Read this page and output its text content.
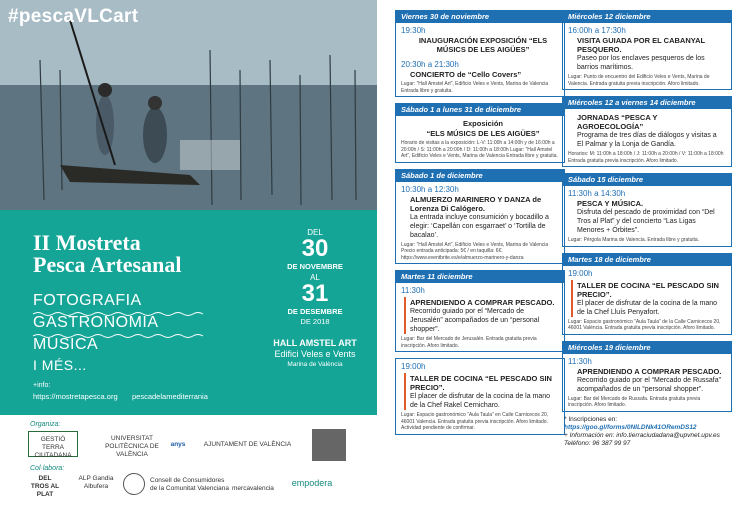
#pescaVLCart
II Mostreta
Pesca Artesanal
FOTOGRAFIA
GASTRONOMIA
MÚSICA
I MÉS...
+info:
https://mostretapesca.org pescadelamediterrania
DEL
30
DE NOVEMBRE
AL
31
DE DESEMBRE
DE 2018
HALL AMSTEL ART
Edifici Veles e Vents
Marina de València
Organiza:
GESTIÓ TERRA CIUTADANA
UNIVERSITAT POLITÈCNICA DE VALÈNCIA
anys	AJUNTAMENT DE VALÈNCIA
Col·labora:
DEL TROS AL PLAT
ALP Gandia Albufera
Consell de Consumidores de la Comunitat Valenciana mercavalencia
empodera
Viernes 30 de noviembre
19:30h
INAUGURACIÓN EXPOSICIÓN “ELS MÚSICS DE LES AIGÜES”
20:30h a 21:30h
CONCIERTO de “Cello Covers”
Lugar: “Hall Amstel Art”, Edificio Veles e Vents, Marina de Valencia Entrada libre y gratuita.
Sábado 1 a lunes 31 de diciembre
Exposición
“ELS MÚSICS DE LES AIGÜES”
Horario de visitas a la exposición: L-V: 11:00h a 14:00h y de 16:00h a 20:00h / S: 11:00h a 20:00h / D: 11:00h a 18:00h Lugar: “Hall Amstel Art”, Edificio Veles e Vents, Marina de Valencia Entrada libre y gratuita.
Sábado 1 de diciembre
10:30h a 12:30h
ALMUERZO MARINERO Y DANZA de Lorenza Di Calógero.
La entrada incluye consumición y bocadillo a elegir: ‘Capellán con esgarraet’ o ‘Tortilla de bacalao’.
Lugar: “Hall Amstel Art”, Edificio Veles e Vents, Marina de Valencia Precio entrada anticipada: 5€ / en taquilla: 6€. https://www.eventbrite.es/e/almuerzo-marinero-y-danza
Martes 11 diciembre
11:30h
APRENDIENDO A COMPRAR PESCADO.
Recorrido guiado por el “Mercado de Jerusalén” acompañados de un “personal shopper”.
Lugar: Bar del Mercado de Jerusalén. Entrada gratuita previa inscripción. Aforo limitado.
19:00h
TALLER DE COCINA “EL PESCADO SIN PRECIO”.
El placer de disfrutar de la cocina de la mano de la Chef Rakel Cernicharo.
Lugar: Espacio gastronómico “Aula Taula” en Calle Carnicecos 20, 46001 Valencia. Entrada gratuita previa inscripción. Aforo limitado. Actividad pendiente de confirmar.
Miércoles 12 diciembre
16:00h a 17:30h
VISITA GUIADA POR EL CABANYAL PESQUERO.
Paseo por los enclaves pesqueros de los barrios marítimos.
Lugar: Punto de encuentro del Edificio Veles e Vents, Marina de Valencia. Entrada gratuita previa inscripción. Aforo limitado.
Miércoles 12 a viernes 14 diciembre
JORNADAS “PESCA Y AGROECOLOGÍA”
Programa de tres días de diálogos y visitas a El Palmar y la Lonja de Gandía.
Horarios: M: 11:00h a 18:00h / J: 11:00h a 20:00h / V: 11:00h a 18:00h Entrada gratuita previa inscripción. Aforo limitado.
Sábado 15 diciembre
11:30h a 14:30h
PESCA Y MÚSICA.
Disfruta del pescado de proximidad con “Del Tros al Plat” y del concierto “Las Ligas Menores + Órbites”.
Lugar: Pérgola Marina de Valencia. Entrada libre y gratuita.
Martes 18 de diciembre
19:00h
TALLER DE COCINA “EL PESCADO SIN PRECIO”.
El placer de disfrutar de la cocina de la mano de la Chef Lluís Penyafort.
Lugar: Espacio gastronómico “Aula Taula” de la Calle Carnicecos 20, 46001 València. Entrada gratuita previa inscripción. Aforo limitado.
Miércoles 19 diciembre
11:30h
APRENDIENDO A COMPRAR PESCADO.
Recorrido guiado por el “Mercado de Russafa” acompañados de un “personal shopper”.
Lugar: Bar del Mercado de Russafa. Entrada gratuita previa inscripción. Aforo limitado.
* Inscripciones en:
https://goo.gl/forms/0NILDNk41ORemDS12
+ Información en: info.tierraciudadana@upvnet.upv.es
Teléfono: 96 387 99 97
